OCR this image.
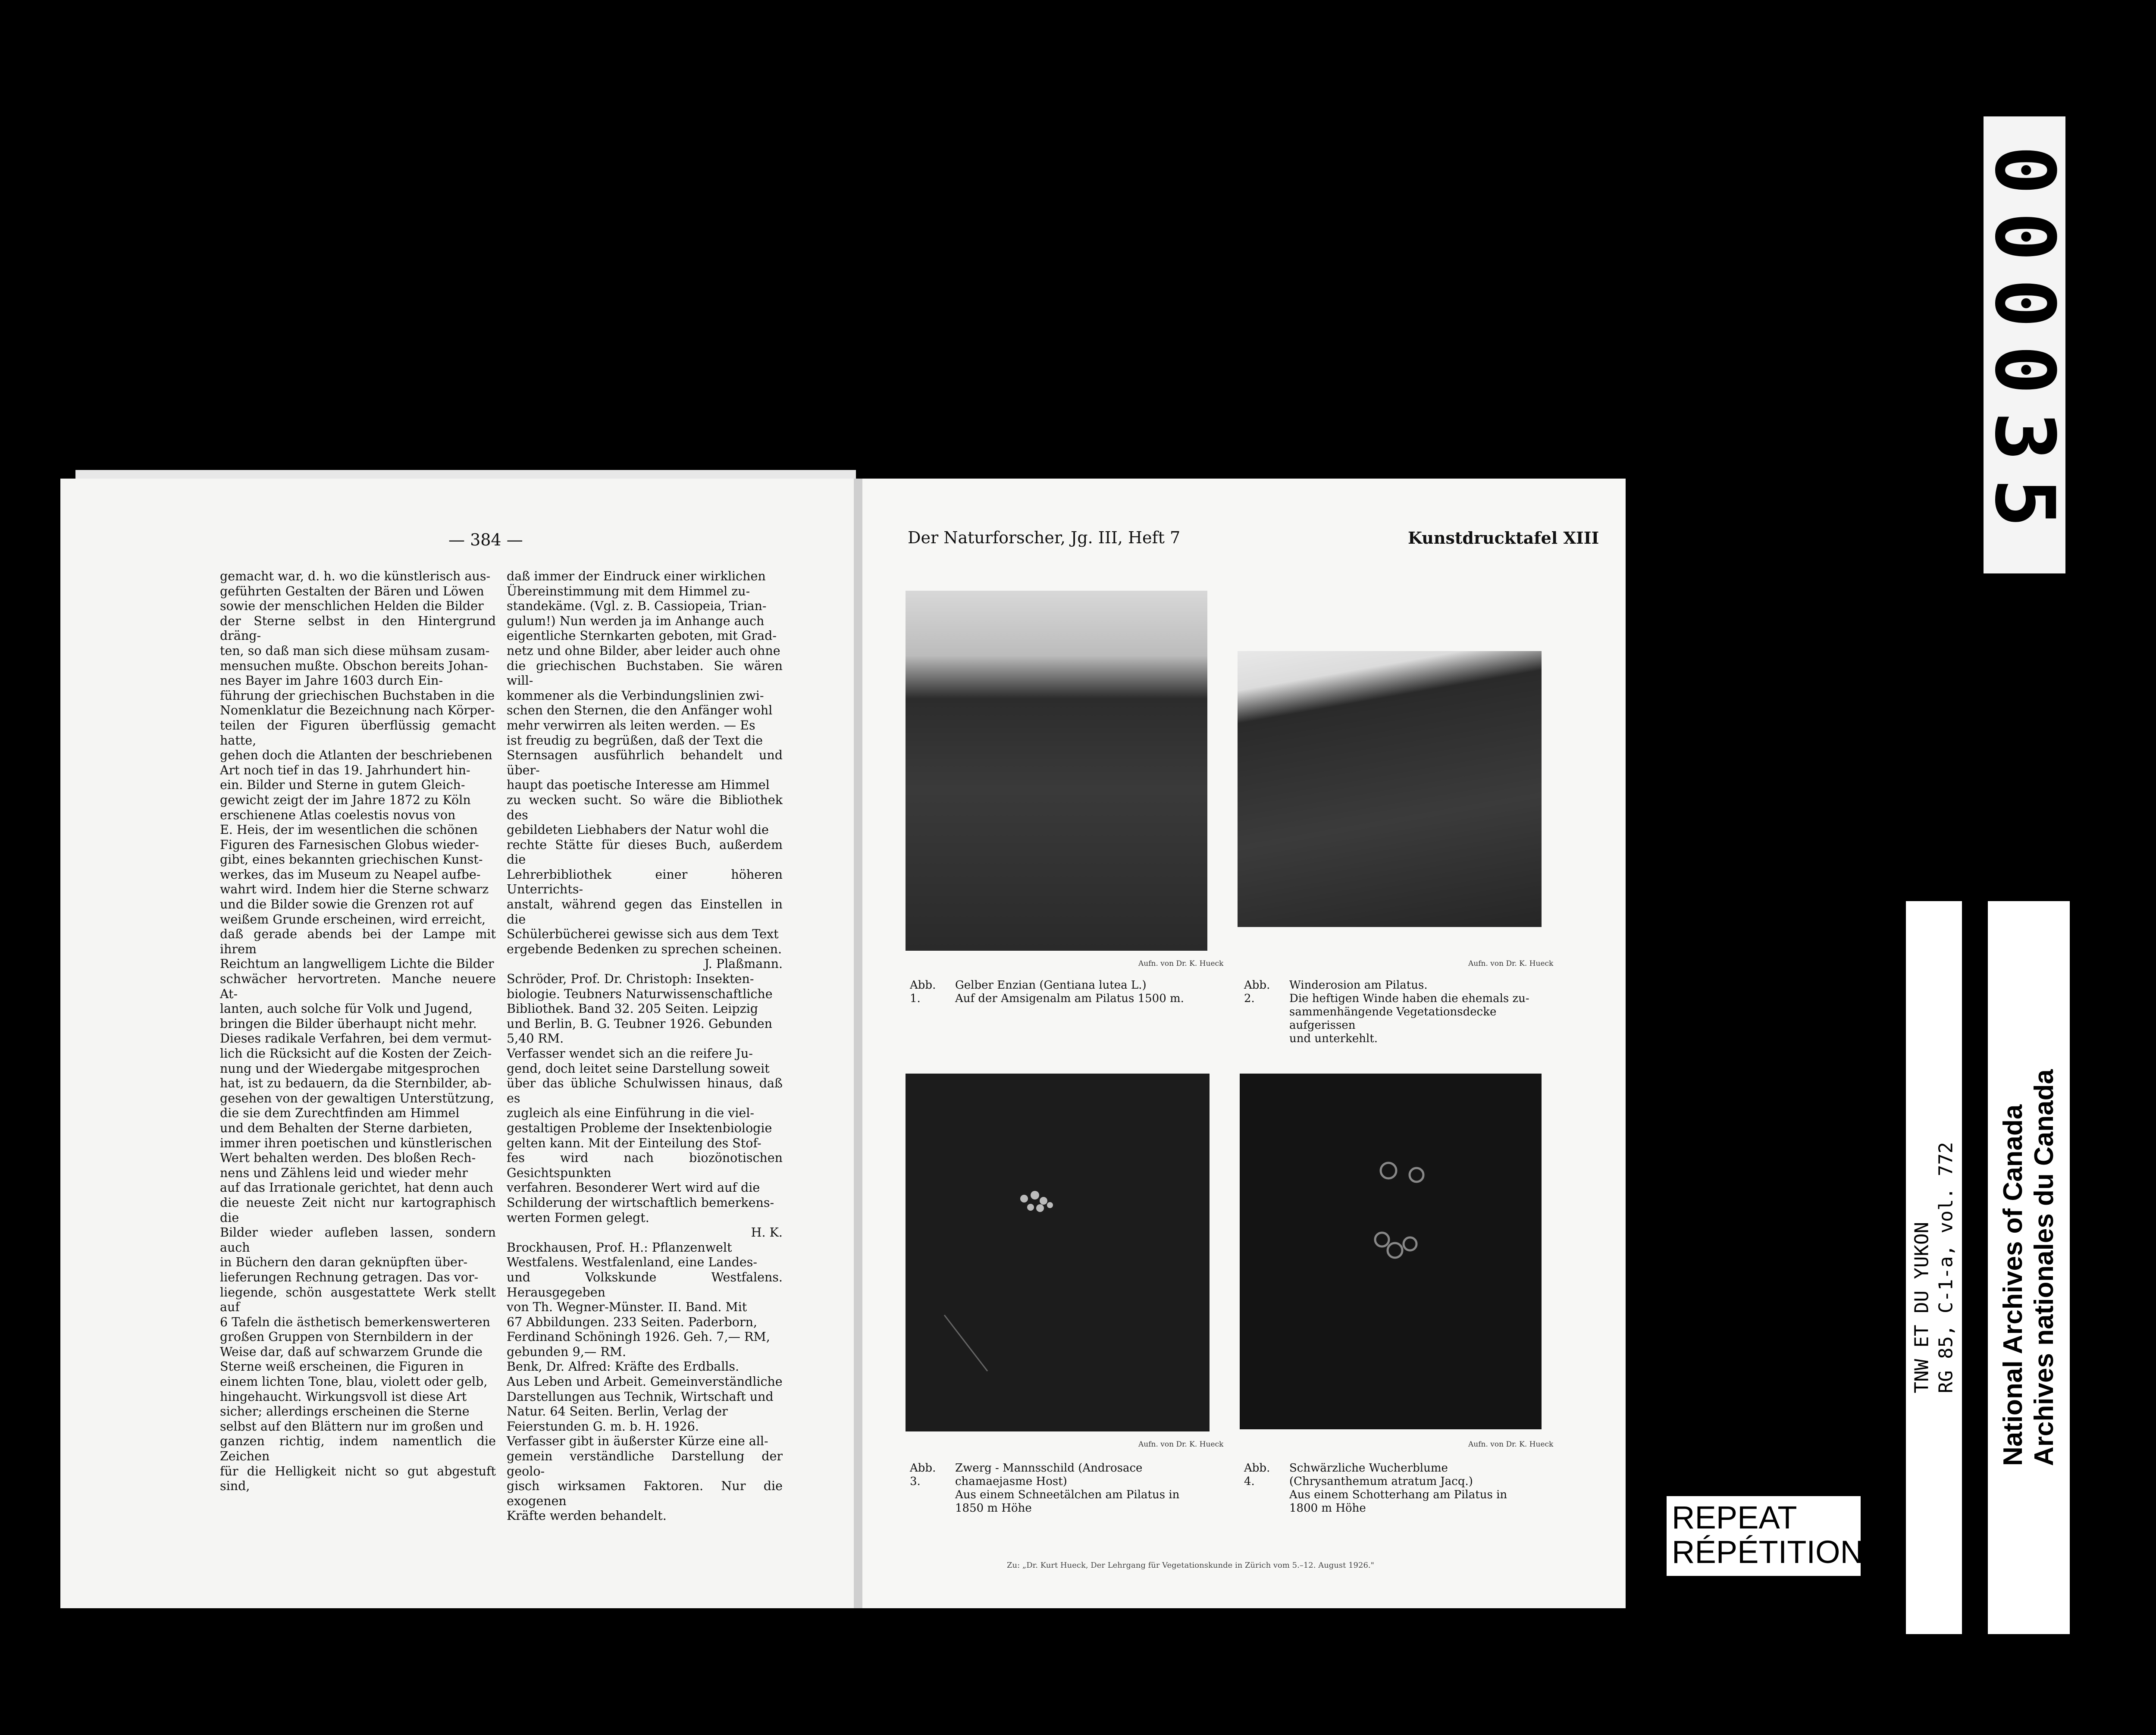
000035
NWT AND YUKON BRANCH TNW ET DU YUKON RG 85, C-1-a, vol. 772 File/dossier 5436 National Archives of Canada Archives nationales du Canada
REPEAT
RÉPÉTITION
— 384 —

gemacht war, d. h. wo die künstlerisch aus-

geführten Gestalten der Bären und Löwen

sowie der menschlichen Helden die Bilder

der Sterne selbst in den Hintergrund dräng-

ten, so daß man sich diese mühsam zusam-

mensuchen mußte. Obschon bereits Johan-

nes Bayer im Jahre 1603 durch Ein-

führung der griechischen Buchstaben in die

Nomenklatur die Bezeichnung nach Körper-

teilen der Figuren überflüssig gemacht hatte,

gehen doch die Atlanten der beschriebenen

Art noch tief in das 19. Jahrhundert hin-

ein. Bilder und Sterne in gutem Gleich-

gewicht zeigt der im Jahre 1872 zu Köln

erschienene Atlas coelestis novus von

E. Heis, der im wesentlichen die schönen

Figuren des Farnesischen Globus wieder-

gibt, eines bekannten griechischen Kunst-

werkes, das im Museum zu Neapel aufbe-

wahrt wird. Indem hier die Sterne schwarz

und die Bilder sowie die Grenzen rot auf

weißem Grunde erscheinen, wird erreicht,

daß gerade abends bei der Lampe mit ihrem

Reichtum an langwelligem Lichte die Bilder

schwächer hervortreten. Manche neuere At-

lanten, auch solche für Volk und Jugend,

bringen die Bilder überhaupt nicht mehr.

Dieses radikale Verfahren, bei dem vermut-

lich die Rücksicht auf die Kosten der Zeich-

nung und der Wiedergabe mitgesprochen

hat, ist zu bedauern, da die Sternbilder, ab-

gesehen von der gewaltigen Unterstützung,

die sie dem Zurechtfinden am Himmel

und dem Behalten der Sterne darbieten,

immer ihren poetischen und künstlerischen

Wert behalten werden. Des bloßen Rech-

nens und Zählens leid und wieder mehr

auf das Irrationale gerichtet, hat denn auch

die neueste Zeit nicht nur kartographisch die

Bilder wieder aufleben lassen, sondern auch

in Büchern den daran geknüpften über-

lieferungen Rechnung getragen. Das vor-

liegende, schön ausgestattete Werk stellt auf

6 Tafeln die ästhetisch bemerkenswerteren

großen Gruppen von Sternbildern in der

Weise dar, daß auf schwarzem Grunde die

Sterne weiß erscheinen, die Figuren in

einem lichten Tone, blau, violett oder gelb,

hingehaucht. Wirkungsvoll ist diese Art

sicher; allerdings erscheinen die Sterne

selbst auf den Blättern nur im großen und

ganzen richtig, indem namentlich die Zeichen

für die Helligkeit nicht so gut abgestuft sind,

daß immer der Eindruck einer wirklichen

Übereinstimmung mit dem Himmel zu-

standekäme. (Vgl. z. B. Cassiopeia, Trian-

gulum!) Nun werden ja im Anhange auch

eigentliche Sternkarten geboten, mit Grad-

netz und ohne Bilder, aber leider auch ohne

die griechischen Buchstaben. Sie wären will-

kommener als die Verbindungslinien zwi-

schen den Sternen, die den Anfänger wohl

mehr verwirren als leiten werden. — Es

ist freudig zu begrüßen, daß der Text die

Sternsagen ausführlich behandelt und über-

haupt das poetische Interesse am Himmel

zu wecken sucht. So wäre die Bibliothek des

gebildeten Liebhabers der Natur wohl die

rechte Stätte für dieses Buch, außerdem die

Lehrerbibliothek einer höheren Unterrichts-

anstalt, während gegen das Einstellen in die

Schülerbücherei gewisse sich aus dem Text

ergebende Bedenken zu sprechen scheinen.

J. Plaßmann.

Schröder, Prof. Dr. Christoph: Insekten-

biologie. Teubners Naturwissenschaftliche

Bibliothek. Band 32. 205 Seiten. Leipzig

und Berlin, B. G. Teubner 1926. Gebunden

5,40 RM.

Verfasser wendet sich an die reifere Ju-

gend, doch leitet seine Darstellung soweit

über das übliche Schulwissen hinaus, daß es

zugleich als eine Einführung in die viel-

gestaltigen Probleme der Insektenbiologie

gelten kann. Mit der Einteilung des Stof-

fes wird nach biozönotischen Gesichtspunkten

verfahren. Besonderer Wert wird auf die

Schilderung der wirtschaftlich bemerkens-

werten Formen gelegt.

H. K.

Brockhausen, Prof. H.: Pflanzenwelt

Westfalens. Westfalenland, eine Landes-

und Volkskunde Westfalens. Herausgegeben

von Th. Wegner-Münster. II. Band. Mit

67 Abbildungen. 233 Seiten. Paderborn,

Ferdinand Schöningh 1926. Geh. 7,— RM,

gebunden 9,— RM.

Benk, Dr. Alfred: Kräfte des Erdballs.

Aus Leben und Arbeit. Gemeinverständliche

Darstellungen aus Technik, Wirtschaft und

Natur. 64 Seiten. Berlin, Verlag der

Feierstunden G. m. b. H. 1926.

Verfasser gibt in äußerster Kürze eine all-

gemein verständliche Darstellung der geolo-

gisch wirksamen Faktoren. Nur die exogenen

Kräfte werden behandelt.

Der Naturforscher, Jg. III, Heft 7	Kunstdrucktafel XIII
Aufn. von Dr. K. Hueck	Aufn. von Dr. K. Hueck
Aufn. von Dr. K. Hueck	Aufn. von Dr. K. Hueck
Abb. 1.
Gelber Enzian (Gentiana lutea L.)
Auf der Amsigenalm am Pilatus 1500 m.
Abb. 2.
Winderosion am Pilatus.
Die heftigen Winde haben die ehemals zu-
sammenhängende Vegetationsdecke aufgerissen
und unterkehlt.
Abb. 3.
Zwerg - Mannsschild (Androsace
chamaejasme Host)
Aus einem Schneetälchen am Pilatus in
1850 m Höhe
Abb. 4.
Schwärzliche Wucherblume
(Chrysanthemum atratum Jacq.)
Aus einem Schotterhang am Pilatus in
1800 m Höhe
Zu: „Dr. Kurt Hueck, Der Lehrgang für Vegetationskunde in Zürich vom 5.–12. August 1926."
